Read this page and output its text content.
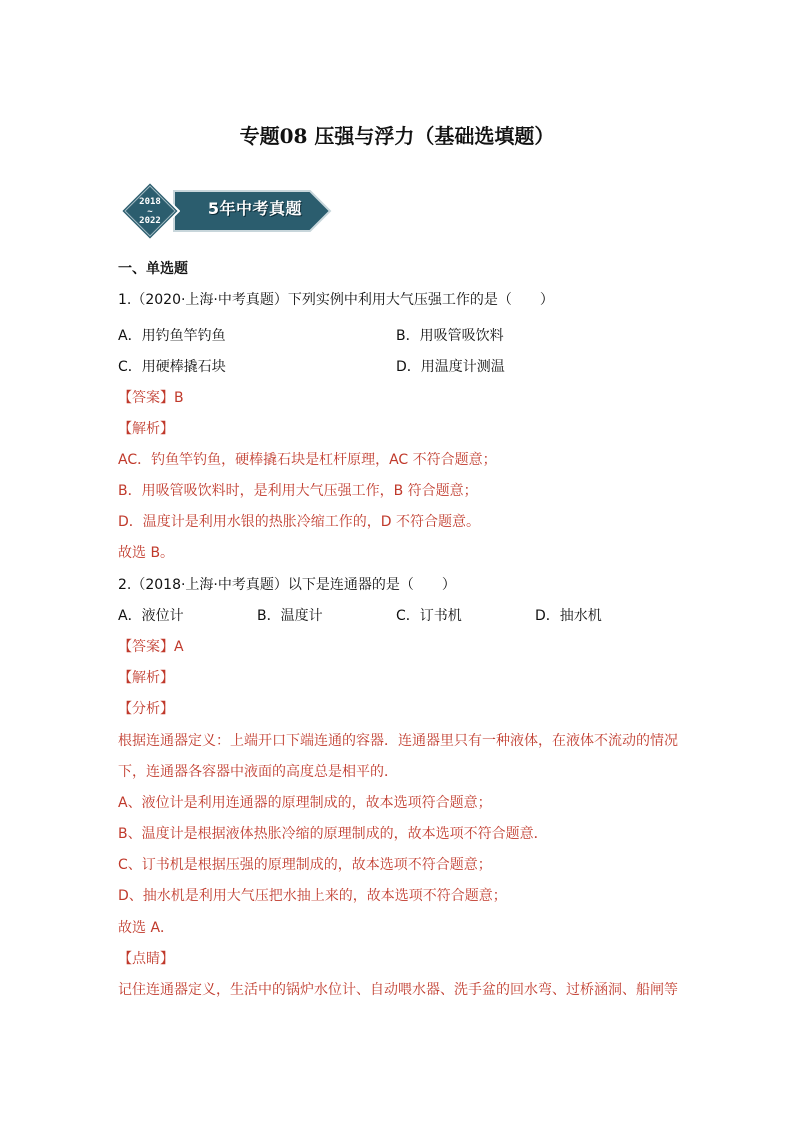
专题08 压强与浮力（基础选填题）
2018
~
2022
5年中考真题
一、单选题
1.（2020·上海·中考真题）下列实例中利用大气压强工作的是（　　）
A．用钓鱼竿钓鱼	B．用吸管吸饮料
C．用硬棒撬石块	D．用温度计测温
【答案】B
【解析】
AC．钓鱼竿钓鱼，硬棒撬石块是杠杆原理，AC 不符合题意；
B．用吸管吸饮料时，是利用大气压强工作，B 符合题意；
D．温度计是利用水银的热胀冷缩工作的，D 不符合题意。
故选 B。
2.（2018·上海·中考真题）以下是连通器的是（　　）
A．液位计	B．温度计	C．订书机	D．抽水机
【答案】A
【解析】
【分析】
根据连通器定义：上端开口下端连通的容器．连通器里只有一种液体，在液体不流动的情况
下，连通器各容器中液面的高度总是相平的．
A、液位计是利用连通器的原理制成的，故本选项符合题意；
B、温度计是根据液体热胀冷缩的原理制成的，故本选项不符合题意．
C、订书机是根据压强的原理制成的，故本选项不符合题意；
D、抽水机是利用大气压把水抽上来的，故本选项不符合题意；
故选 A．
【点睛】
记住连通器定义，生活中的锅炉水位计、自动喂水器、洗手盆的回水弯、过桥涵洞、船闸等
